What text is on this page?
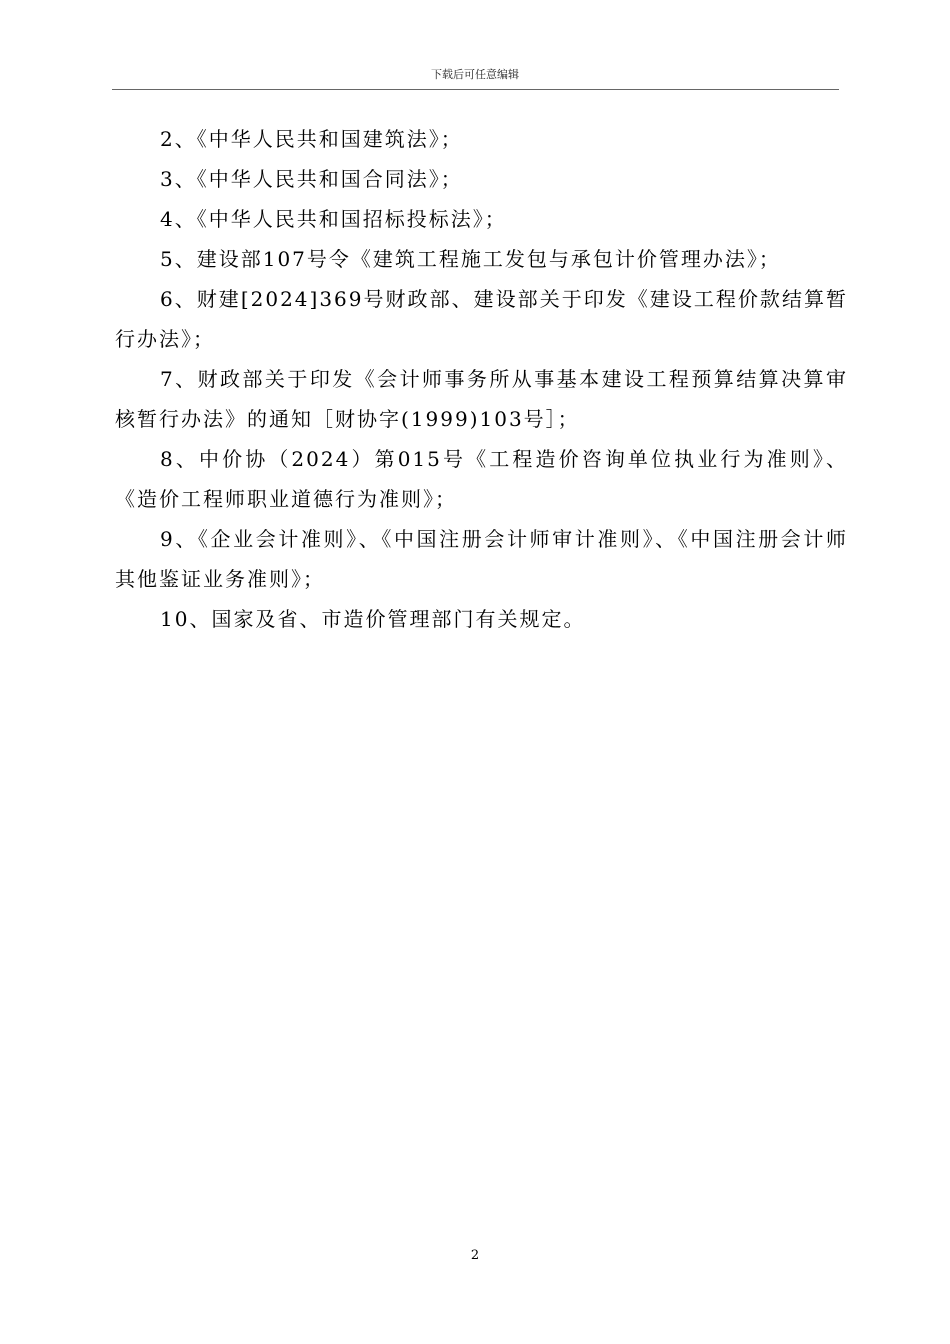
下载后可任意编辑

2、《中华人民共和国建筑法》；

3、《中华人民共和国合同法》；

4、《中华人民共和国招标投标法》；

5、建设部107号令《建筑工程施工发包与承包计价管理办法》；

6、财建[2024]369号财政部、建设部关于印发《建设工程价款结算暂行办法》；

7、财政部关于印发《会计师事务所从事基本建设工程预算结算决算审核暂行办法》的通知［财协字(1999)103号］；

8、中价协（2024）第015号《工程造价咨询单位执业行为准则》、《造价工程师职业道德行为准则》；

9、《企业会计准则》、《中国注册会计师审计准则》、《中国注册会计师其他鉴证业务准则》；

10、国家及省、市造价管理部门有关规定。

2
